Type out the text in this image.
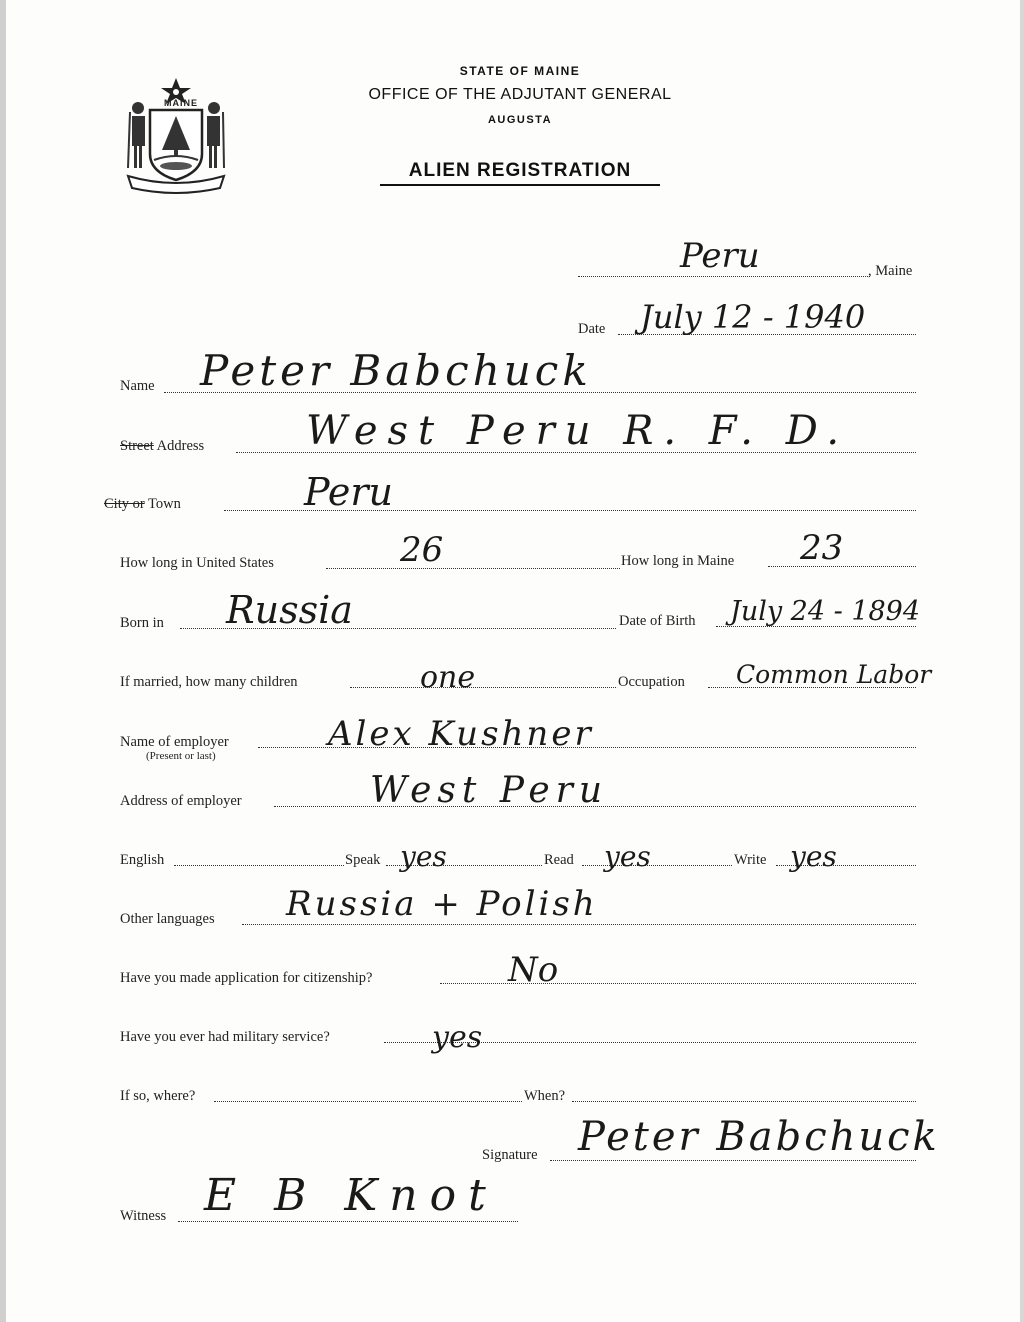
MAINE
STATE OF MAINE
OFFICE OF THE ADJUTANT GENERAL
AUGUSTA
ALIEN REGISTRATION
Peru	, Maine
Date July 12 - 1940
Name Peter Babchuck
Street Address	West Peru R. F. D.
City or Town	Peru
How long in United States	26	How long in Maine 23
Born in Russia	Date of Birth July 24 - 1894
If married, how many children	one	Occupation Common Labor
Name of employer
(Present or last)
Alex Kushner
Address of employer	West Peru
English	Speak yes	Read yes	Write yes
Other languages Russia + Polish
Have you made application for citizenship?	No
Have you ever had military service?	yes
If so, where?	When?
Signature Peter Babchuck
Witness E B Knot
